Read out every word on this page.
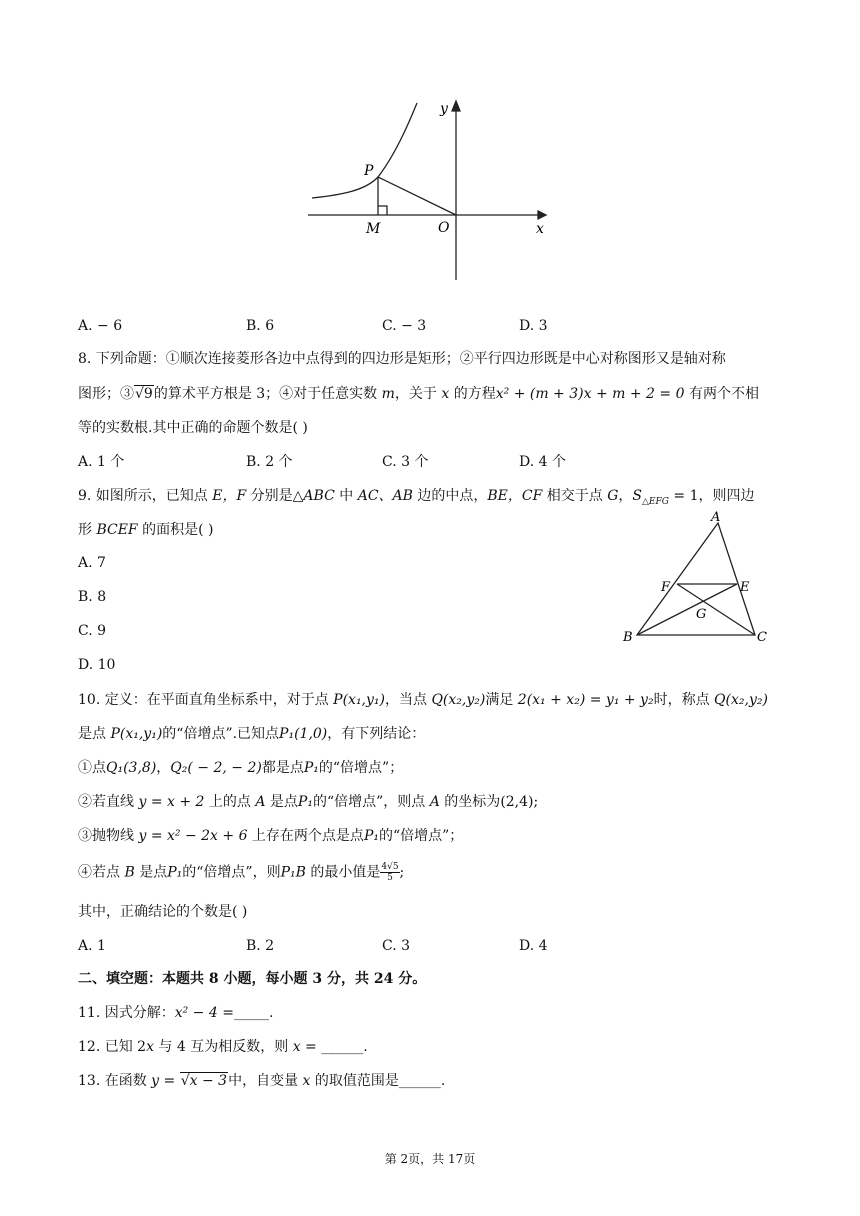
y
x
P
M	O
A. − 6	B. 6	C. − 3	D. 3
8. 下列命题：①顺次连接菱形各边中点得到的四边形是矩形；②平行四边形既是中心对称图形又是轴对称
图形；③√9的算术平方根是 3；④对于任意实数 m，关于 x 的方程x² + (m + 3)x + m + 2 = 0 有两个不相
等的实数根.其中正确的命题个数是( )
A. 1 个	B. 2 个	C. 3 个	D. 4 个
9. 如图所示，已知点 E，F 分别是△ABC 中 AC、AB 边的中点，BE，CF 相交于点 G，$S_{\triangle EFG} = 1$，则四边
形 BCEF 的面积是( )
A. 7
B. 8
C. 9
D. 10
A
B	C
E
F
G
10. 定义：在平面直角坐标系中，对于点 P(x₁,y₁)，当点 Q(x₂,y₂)满足 2(x₁ + x₂) = y₁ + y₂时，称点 Q(x₂,y₂)
是点 P(x₁,y₁)的“倍增点”.已知点P₁(1,0)，有下列结论：
①点Q₁(3,8)，Q₂( − 2, − 2)都是点P₁的“倍增点”；
②若直线 y = x + 2 上的点 A 是点P₁的“倍增点”，则点 A 的坐标为(2,4);
③抛物线 y = x² − 2x + 6 上存在两个点是点P₁的“倍增点”；
④若点 B 是点P₁的“倍增点”，则P₁B 的最小值是 $\frac{4√5}{5}$ ;
其中，正确结论的个数是( )
A. 1	B. 2	C. 3	D. 4
二、填空题：本题共 8 小题，每小题 3 分，共 24 分。
11. 因式分解：x² − 4 =_____.
12. 已知 2x 与 4 互为相反数，则 x = ______.
13. 在函数 y = √x − 3中，自变量 x 的取值范围是______.
第 2页，共 17页
